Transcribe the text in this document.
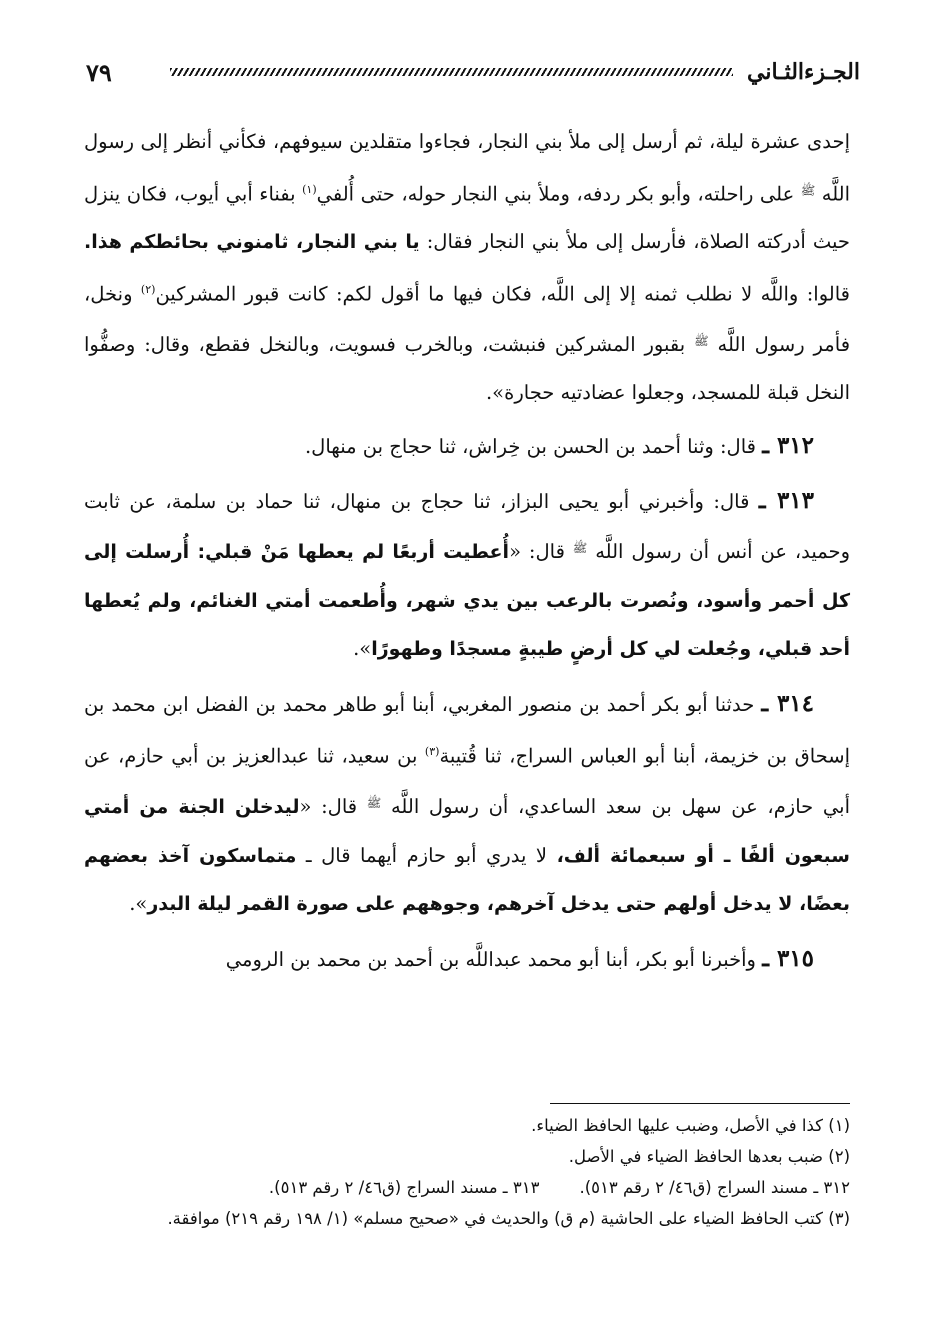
٧٩	الجـزءالثـاني

إحدى عشرة ليلة، ثم أرسل إلى ملأ بني النجار، فجاءوا متقلدين سيوفهم، فكأني أنظر إلى رسول اللَّه $^ﷺ$ على راحلته، وأبو بكر ردفه، وملأ بني النجار حوله، حتى أُلفي$^{(١)}$ بفناء أبي أيوب، فكان ينزل حيث أدركته الصلاة، فأرسل إلى ملأ بني النجار فقال: يا بني النجار، ثامنوني بحائطكم هذا. قالوا: واللَّه لا نطلب ثمنه إلا إلى اللَّه، فكان فيها ما أقول لكم: كانت قبور المشركين$^{(٢)}$ ونخل، فأمر رسول اللَّه $^ﷺ$ بقبور المشركين فنبشت، وبالخرب فسويت، وبالنخل فقطع، وقال: وصفُّوا النخل قبلة للمسجد، وجعلوا عضادتيه حجارة».

٣١٢ ـ قال: وثنا أحمد بن الحسن بن خِراش، ثنا حجاج بن منهال.

٣١٣ ـ قال: وأخبرني أبو يحيى البزاز، ثنا حجاج بن منهال، ثنا حماد بن سلمة، عن ثابت وحميد، عن أنس أن رسول اللَّه $^ﷺ$ قال: «أُعطيت أربعًا لم يعطها مَنْ قبلي: أُرسلت إلى كل أحمر وأسود، ونُصرت بالرعب بين يدي شهر، وأُطعمت أمتي الغنائم، ولم يُعطها أحد قبلي، وجُعلت لي كل أرضٍ طيبةٍ مسجدًا وطهورًا».

٣١٤ ـ حدثنا أبو بكر أحمد بن منصور المغربي، أبنا أبو طاهر محمد بن الفضل ابن محمد بن إسحاق بن خزيمة، أبنا أبو العباس السراج، ثنا قُتيبة$^{(٣)}$ بن سعيد، ثنا عبدالعزيز بن أبي حازم، عن أبي حازم، عن سهل بن سعد الساعدي، أن رسول اللَّه $^ﷺ$ قال: «ليدخلن الجنة من أمتي سبعون ألفًا ـ أو سبعمائة ألف، لا يدري أبو حازم أيهما قال ـ متماسكون آخذ بعضهم بعضًا، لا يدخل أولهم حتى يدخل آخرهم، وجوههم على صورة القمر ليلة البدر».

٣١٥ ـ وأخبرنا أبو بكر، أبنا أبو محمد عبداللَّه بن أحمد بن محمد بن الرومي

(١) كذا في الأصل، وضبب عليها الحافظ الضياء.

(٢) ضبب بعدها الحافظ الضياء في الأصل.

٣١٢ ـ مسند السراج (ق٤٦/ ٢ رقم ٥١٣).
٣١٣ ـ مسند السراج (ق٤٦/ ٢ رقم ٥١٣).

(٣) كتب الحافظ الضياء على الحاشية (م ق) والحديث في «صحيح مسلم» (١/ ١٩٨ رقم ٢١٩) موافقة.
